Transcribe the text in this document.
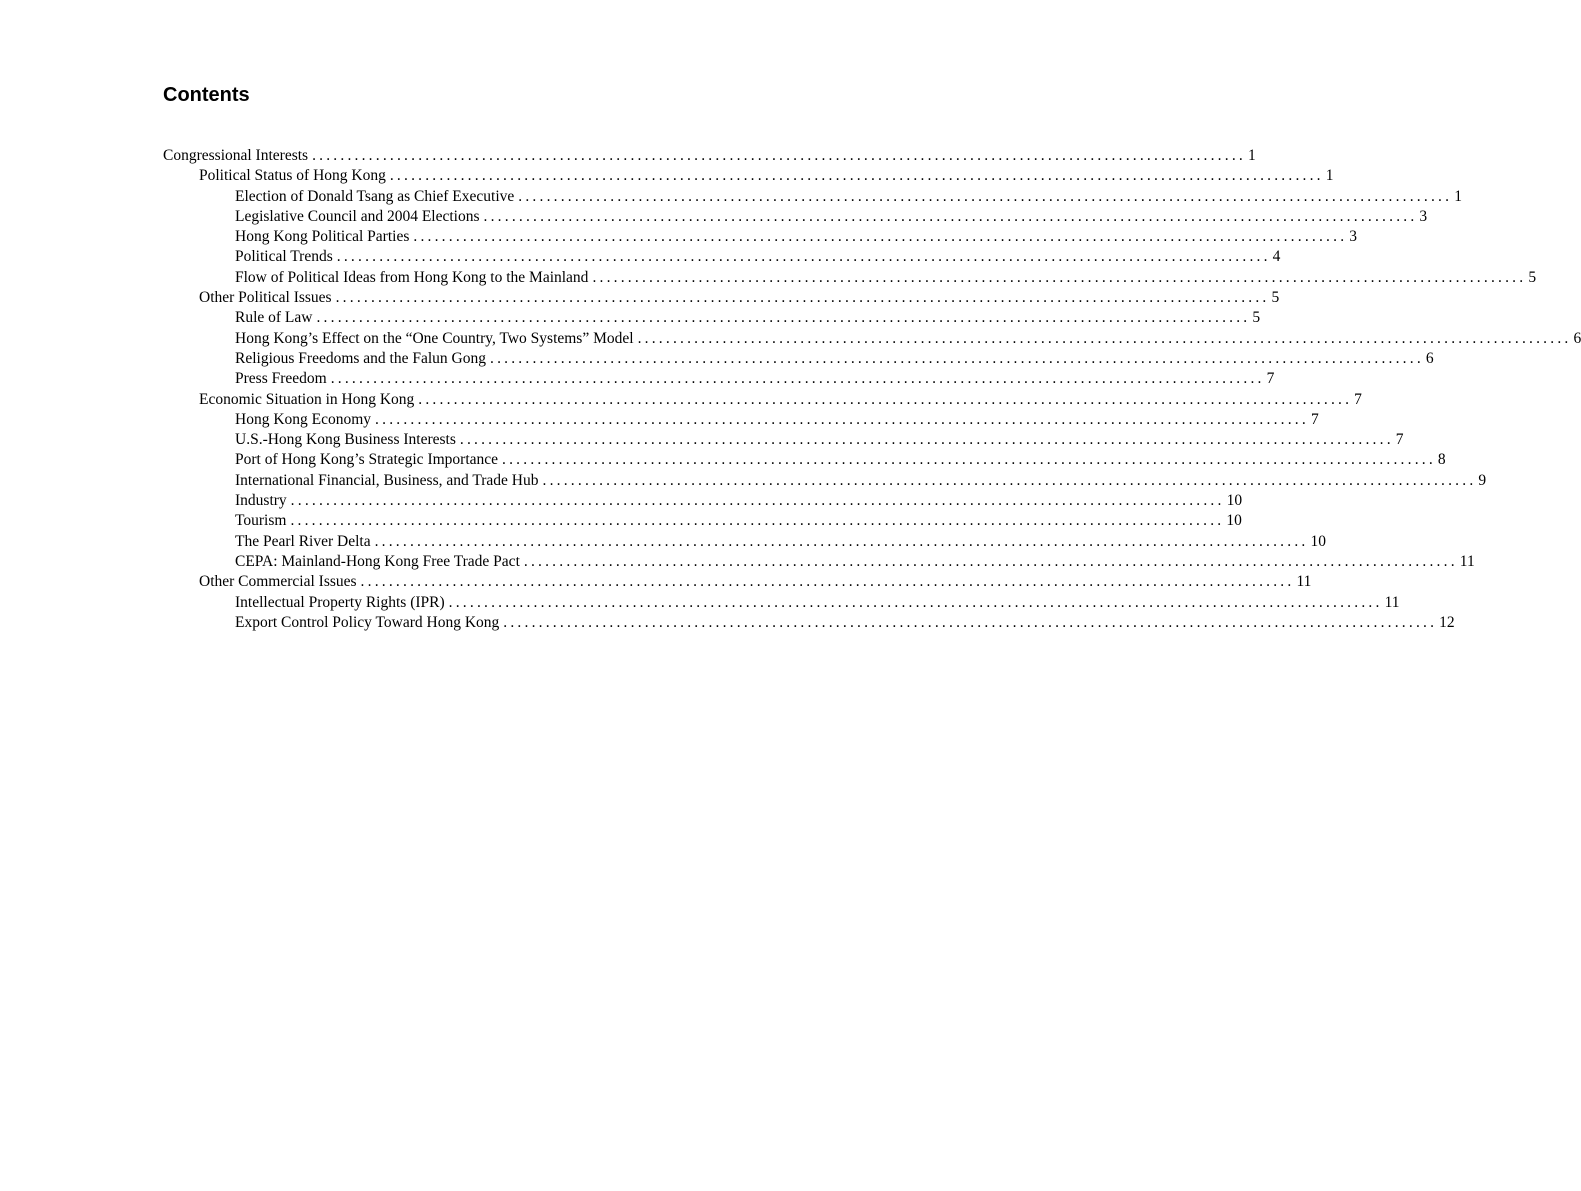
Contents
Congressional Interests .................................................................................................................................... 1
Political Status of Hong Kong .................................................................................................................................... 1
Election of Donald Tsang as Chief Executive .................................................................................................................................... 1
Legislative Council and 2004 Elections .................................................................................................................................... 3
Hong Kong Political Parties .................................................................................................................................... 3
Political Trends .................................................................................................................................... 4
Flow of Political Ideas from Hong Kong to the Mainland .................................................................................................................................... 5
Other Political Issues .................................................................................................................................... 5
Rule of Law .................................................................................................................................... 5
Hong Kong’s Effect on the “One Country, Two Systems” Model .................................................................................................................................... 6
Religious Freedoms and the Falun Gong .................................................................................................................................... 6
Press Freedom .................................................................................................................................... 7
Economic Situation in Hong Kong .................................................................................................................................... 7
Hong Kong Economy .................................................................................................................................... 7
U.S.-Hong Kong Business Interests .................................................................................................................................... 7
Port of Hong Kong’s Strategic Importance .................................................................................................................................... 8
International Financial, Business, and Trade Hub .................................................................................................................................... 9
Industry .................................................................................................................................... 10
Tourism .................................................................................................................................... 10
The Pearl River Delta .................................................................................................................................... 10
CEPA: Mainland-Hong Kong Free Trade Pact .................................................................................................................................... 11
Other Commercial Issues .................................................................................................................................... 11
Intellectual Property Rights (IPR) .................................................................................................................................... 11
Export Control Policy Toward Hong Kong .................................................................................................................................... 12
